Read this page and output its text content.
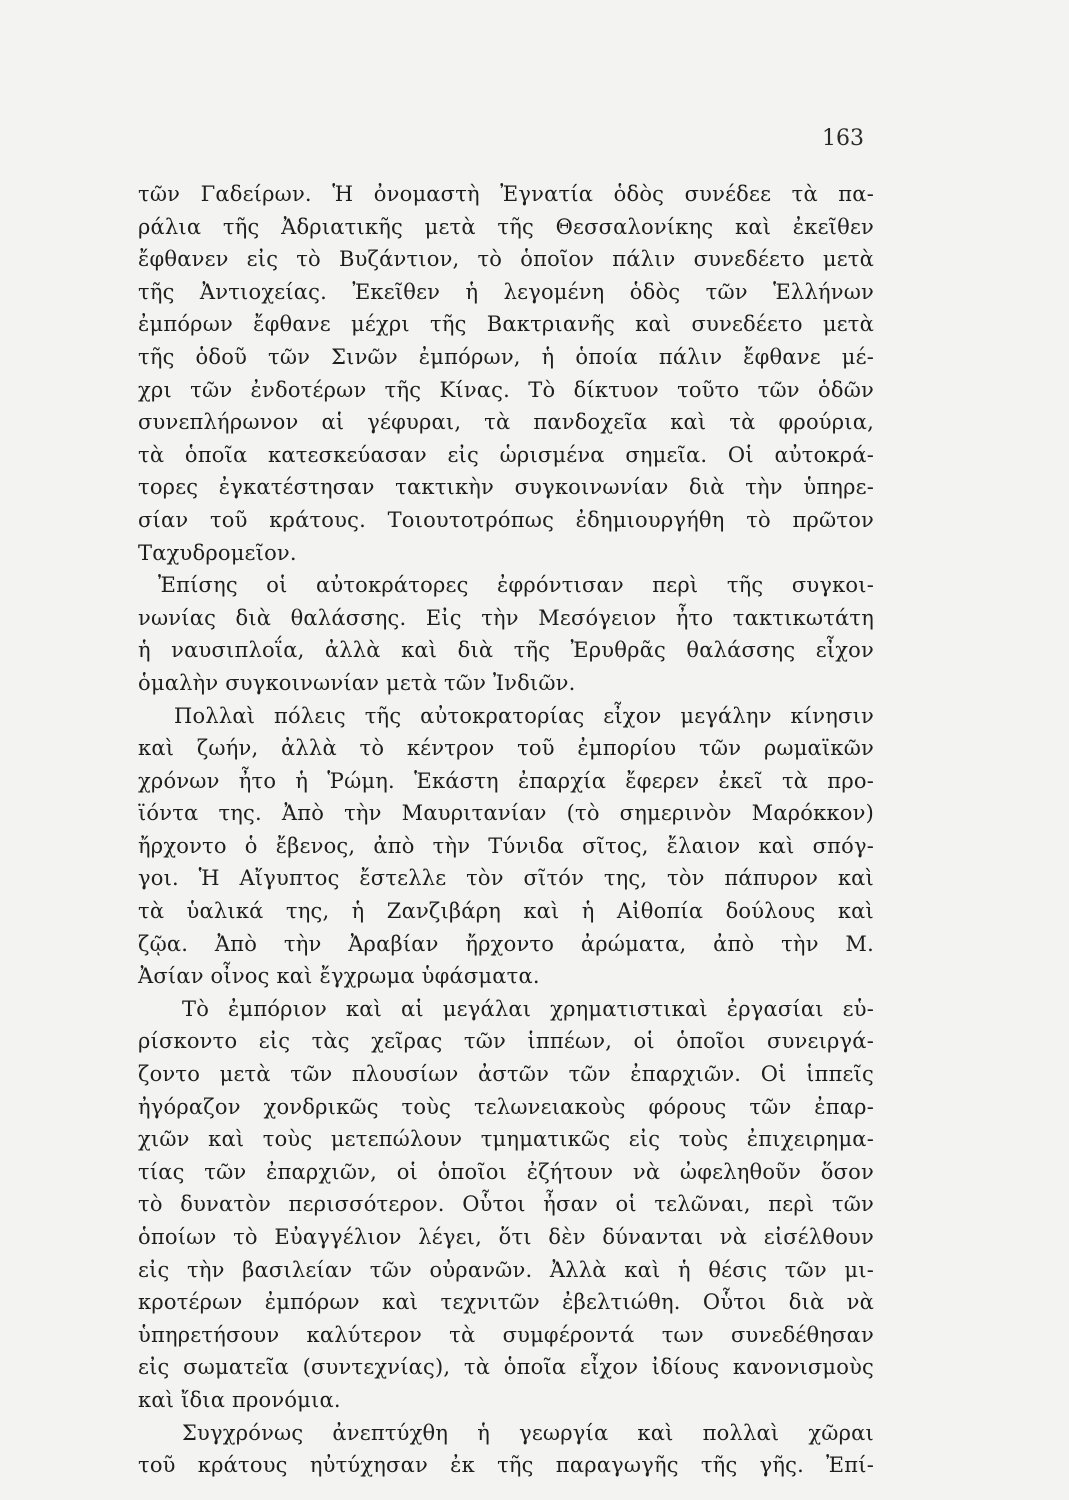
163
τῶν Γαδείρων. Ἡ ὀνομαστὴ Ἐγνατία ὁδὸς συνέδεε τὰ πα-
ράλια τῆς Ἀδριατικῆς μετὰ τῆς Θεσσαλονίκης καὶ ἐκεῖθεν
ἔφθανεν εἰς τὸ Βυζάντιον, τὸ ὁποῖον πάλιν συνεδέετο μετὰ
τῆς Ἀντιοχείας. Ἐκεῖθεν ἡ λεγομένη ὁδὸς τῶν Ἑλλήνων
ἐμπόρων ἔφθανε μέχρι τῆς Βακτριανῆς καὶ συνεδέετο μετὰ
τῆς ὁδοῦ τῶν Σινῶν ἐμπόρων, ἡ ὁποία πάλιν ἔφθανε μέ-
χρι τῶν ἐνδοτέρων τῆς Κίνας. Τὸ δίκτυον τοῦτο τῶν ὁδῶν
συνεπλήρωνον αἱ γέφυραι, τὰ πανδοχεῖα καὶ τὰ φρούρια,
τὰ ὁποῖα κατεσκεύασαν εἰς ὡρισμένα σημεῖα. Οἱ αὐτοκρά-
τορες ἐγκατέστησαν τακτικὴν συγκοινωνίαν διὰ τὴν ὑπηρε-
σίαν τοῦ κράτους. Τοιουτοτρόπως ἐδημιουργήθη τὸ πρῶτον
Ταχυδρομεῖον.
Ἐπίσης οἱ αὐτοκράτορες ἐφρόντισαν περὶ τῆς συγκοι-
νωνίας διὰ θαλάσσης. Εἰς τὴν Μεσόγειον ἦτο τακτικωτάτη
ἡ ναυσιπλοΐα, ἀλλὰ καὶ διὰ τῆς Ἐρυθρᾶς θαλάσσης εἶχον
ὁμαλὴν συγκοινωνίαν μετὰ τῶν Ἰνδιῶν.
Πολλαὶ πόλεις τῆς αὐτοκρατορίας εἶχον μεγάλην κίνησιν
καὶ ζωήν, ἀλλὰ τὸ κέντρον τοῦ ἐμπορίου τῶν ρωμαϊκῶν
χρόνων ἦτο ἡ Ῥώμη. Ἑκάστη ἐπαρχία ἔφερεν ἐκεῖ τὰ προ-
ϊόντα της. Ἀπὸ τὴν Μαυριτανίαν (τὸ σημερινὸν Μαρόκκον)
ἤρχοντο ὁ ἔβενος, ἀπὸ τὴν Τύνιδα σῖτος, ἔλαιον καὶ σπόγ-
γοι. Ἡ Αἴγυπτος ἔστελλε τὸν σῖτόν της, τὸν πάπυρον καὶ
τὰ ὑαλικά της, ἡ Ζανζιβάρη καὶ ἡ Αἰθοπία δούλους καὶ
ζῷα. Ἀπὸ τὴν Ἀραβίαν ἤρχοντο ἀρώματα, ἀπὸ τὴν Μ.
Ἀσίαν οἶνος καὶ ἔγχρωμα ὑφάσματα.
Τὸ ἐμπόριον καὶ αἱ μεγάλαι χρηματιστικαὶ ἐργασίαι εὑ-
ρίσκοντο εἰς τὰς χεῖρας τῶν ἱππέων, οἱ ὁποῖοι συνειργά-
ζοντο μετὰ τῶν πλουσίων ἀστῶν τῶν ἐπαρχιῶν. Οἱ ἱππεῖς
ἠγόραζον χονδρικῶς τοὺς τελωνειακοὺς φόρους τῶν ἐπαρ-
χιῶν καὶ τοὺς μετεπώλουν τμηματικῶς εἰς τοὺς ἐπιχειρημα-
τίας τῶν ἐπαρχιῶν, οἱ ὁποῖοι ἐζήτουν νὰ ὠφεληθοῦν ὅσον
τὸ δυνατὸν περισσότερον. Οὗτοι ἦσαν οἱ τελῶναι, περὶ τῶν
ὁποίων τὸ Εὐαγγέλιον λέγει, ὅτι δὲν δύνανται νὰ εἰσέλθουν
εἰς τὴν βασιλείαν τῶν οὐρανῶν. Ἀλλὰ καὶ ἡ θέσις τῶν μι-
κροτέρων ἐμπόρων καὶ τεχνιτῶν ἐβελτιώθη. Οὗτοι διὰ νὰ
ὑπηρετήσουν καλύτερον τὰ συμφέροντά των συνεδέθησαν
εἰς σωματεῖα (συντεχνίας), τὰ ὁποῖα εἶχον ἰδίους κανονισμοὺς
καὶ ἴδια προνόμια.
Συγχρόνως ἀνεπτύχθη ἡ γεωργία καὶ πολλαὶ χῶραι
τοῦ κράτους ηὐτύχησαν ἐκ τῆς παραγωγῆς τῆς γῆς. Ἐπί-
